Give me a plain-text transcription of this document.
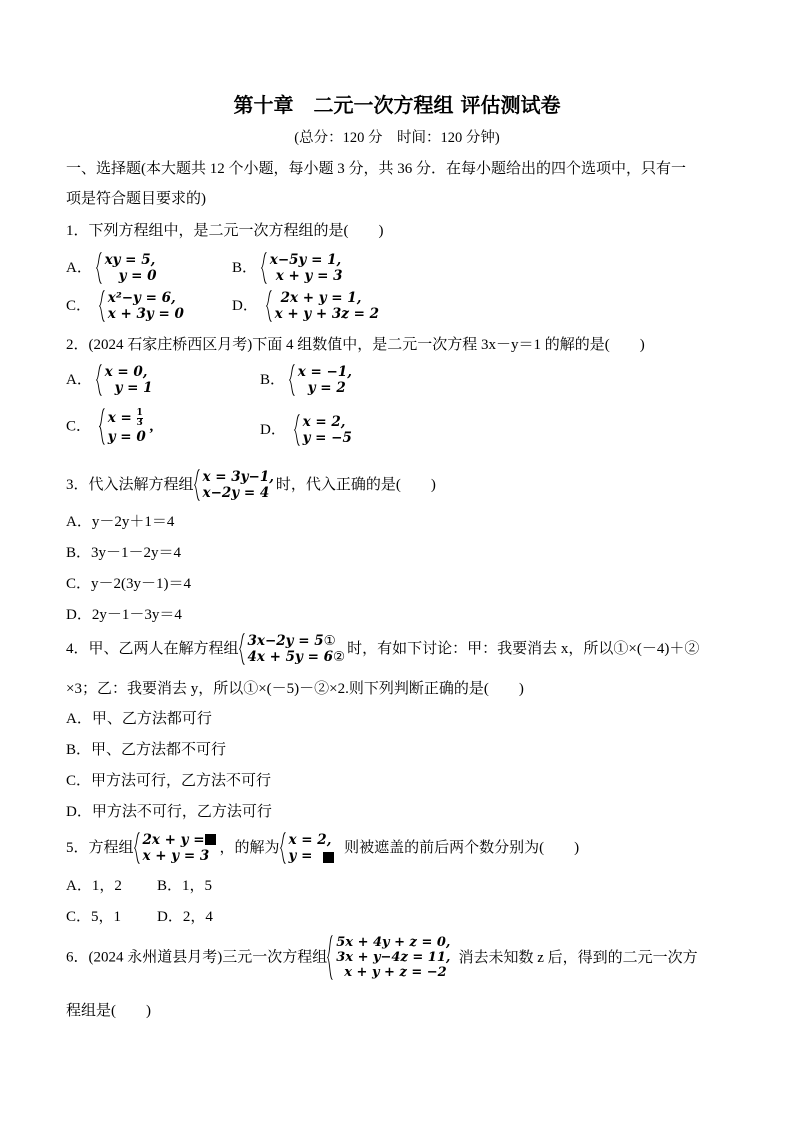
第十章　二元一次方程组 评估测试卷
(总分：120 分　时间：120 分钟)
一、选择题(本大题共 12 个小题，每小题 3 分，共 36 分．在每小题给出的四个选项中，只有一
项是符合题目要求的)
1．下列方程组中，是二元一次方程组的是(　　)
A． xy = 5,
y = 0	B． x−5y = 1,
x + y = 3
C． x²−y = 6,
x + 3y = 0	D．	2x + y = 1,
x + y + 3z = 2
2．(2024 石家庄桥西区月考)下面 4 组数值中，是二元一次方程 3x－y＝1 的解的是(　　)
A． x = 0,
y = 1	B． x = −1,
y = 2
C．
$x = \frac{1}{3}$
y = 0
,	D． x = 2,
y = −5
3．代入法解方程组 x = 3y−1,
x−2y = 4 时，代入正确的是(　　)
A．y－2y＋1＝4
B．3y－1－2y＝4
C．y－2(3y－1)＝4
D．2y－1－3y＝4
4．甲、乙两人在解方程组 3x−2y = 5①
4x + 5y = 6② 时，有如下讨论：甲：我要消去 x，所以①×(－4)＋②
×3；乙：我要消去 y，所以①×(－5)－②×2.则下列判断正确的是(　　)
A．甲、乙方法都可行
B．甲、乙方法都不可行
C．甲方法可行，乙方法不可行
D．甲方法不可行，乙方法可行
5．方程组 2x + y =
x + y = 3 ，的解为 x = 2,
y =	则被遮盖的前后两个数分别为(　　)
A．1，2 B．1，5
C．5，1 D．2，4
6．(2024 永州道县月考)三元一次方程组
5x + 4y + z = 0,
3x + y−4z = 11,
x + y + z = −2
消去未知数 z 后，得到的二元一次方
程组是(　　)
